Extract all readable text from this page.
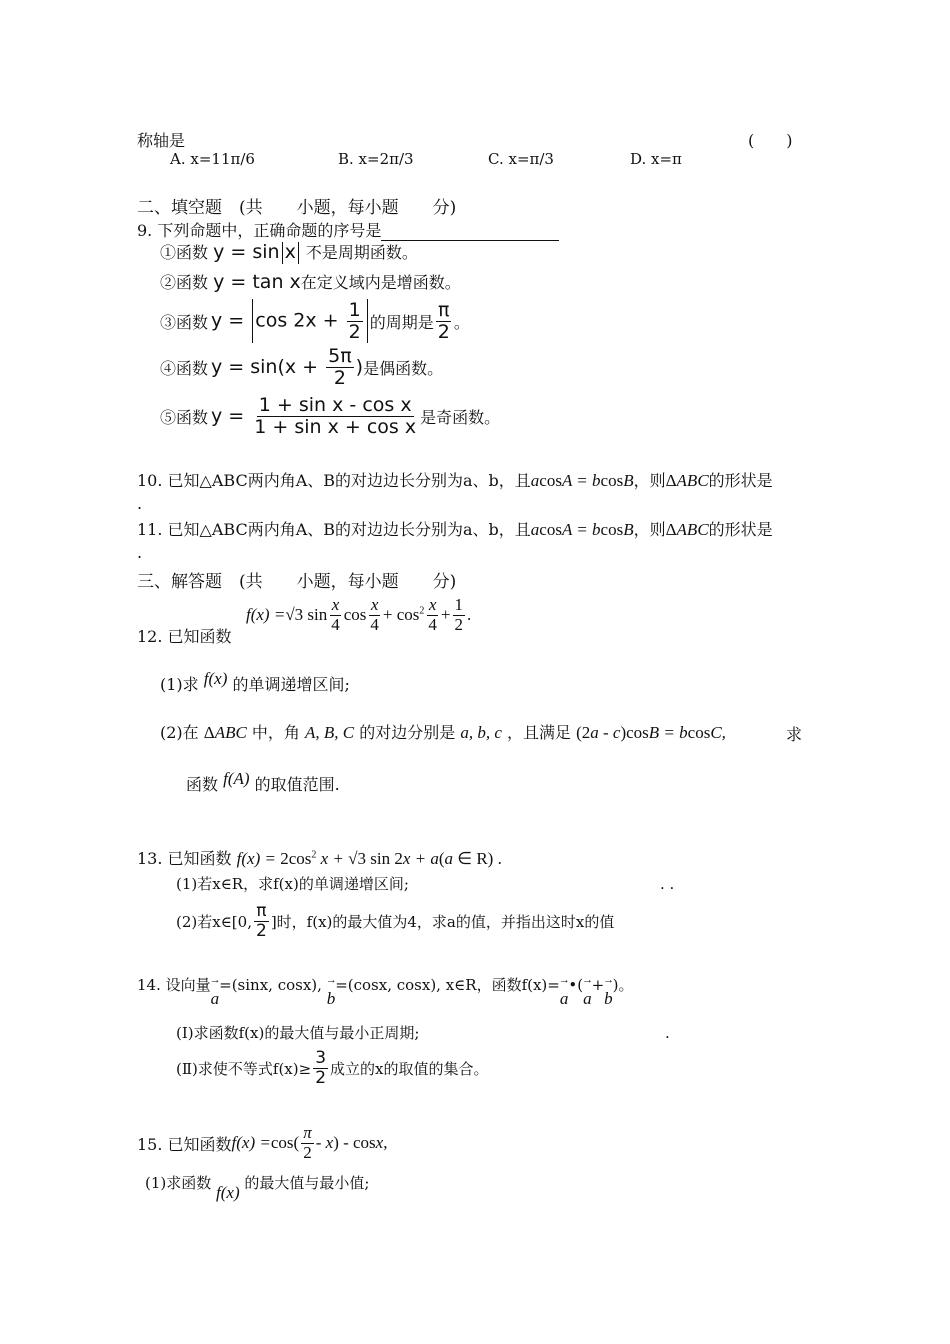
称轴是	(　　)
A. x=11π/6	B. x=2π/3	C. x=π/3	D. x=π
二、填空题　(共　　小题，每小题　　分)
9. 下列命题中，正确命题的序号是
①函数 y = sin x 不是周期函数。
②函数 y = tan x在定义域内是增函数。
③函数 $y = \cos 2x + \frac{1}{2}$ 的周期是 $\frac{\pi}{2}$ 。
④函数 $y = \sin(x + \frac{5\pi}{2}$ ) 是偶函数。
⑤函数 $y = \frac{\text{1 + sin x - cos x}}{\text{1 + sin x + cos x}}$ 是奇函数。
10. 已知△ABC两内角A、B的对边边长分别为a、b，且acosA = bcosB，则ΔABC的形状是
.
11. 已知△ABC两内角A、B的对边边长分别为a、b，且acosA = bcosB，则ΔABC的形状是
.
三、解答题　(共　　小题，每小题　　分)
12. 已知函数
f(x) = √3 $\sin \frac{x}{4}$ $\cos \frac{x}{4} + \cos^2 \frac{x}{4} + \frac{1}{2}$ .
(1)求 f(x) 的单调递增区间;
(2)在 ΔABC 中，角 A, B, C 的对边分别是 a, b, c ，且满足 (2a - c)cosB = bcosC,	求
函数 f(A) 的取值范围.
13. 已知函数 $f(x) = 2\cos^2$ x + √3 sin 2x + a(a ∈ R) .
(1)若x∈R，求f(x)的单调递增区间;	. .
(2)若x∈[0, $\frac{\pi}{2}$ ]时，f(x)的最大值为4，求a的值，并指出这时x的值
14. 设向量a
→
=(sinx, cosx), b
→
=(cosx, cosx), x∈R，函数f(x)=a
→
•(a
→
+b
→
)。
(Ⅰ)求函数f(x)的最大值与最小正周期;	.
(Ⅱ)求使不等式$f(x)\ge \frac{3}{2}$ 成立的x的取值的集合。
15. 已知函数 $f(x) = \cos( \frac{\pi}{2} - x$ ) - cos x ,
(1)求函数 f(x) 的最大值与最小值;
